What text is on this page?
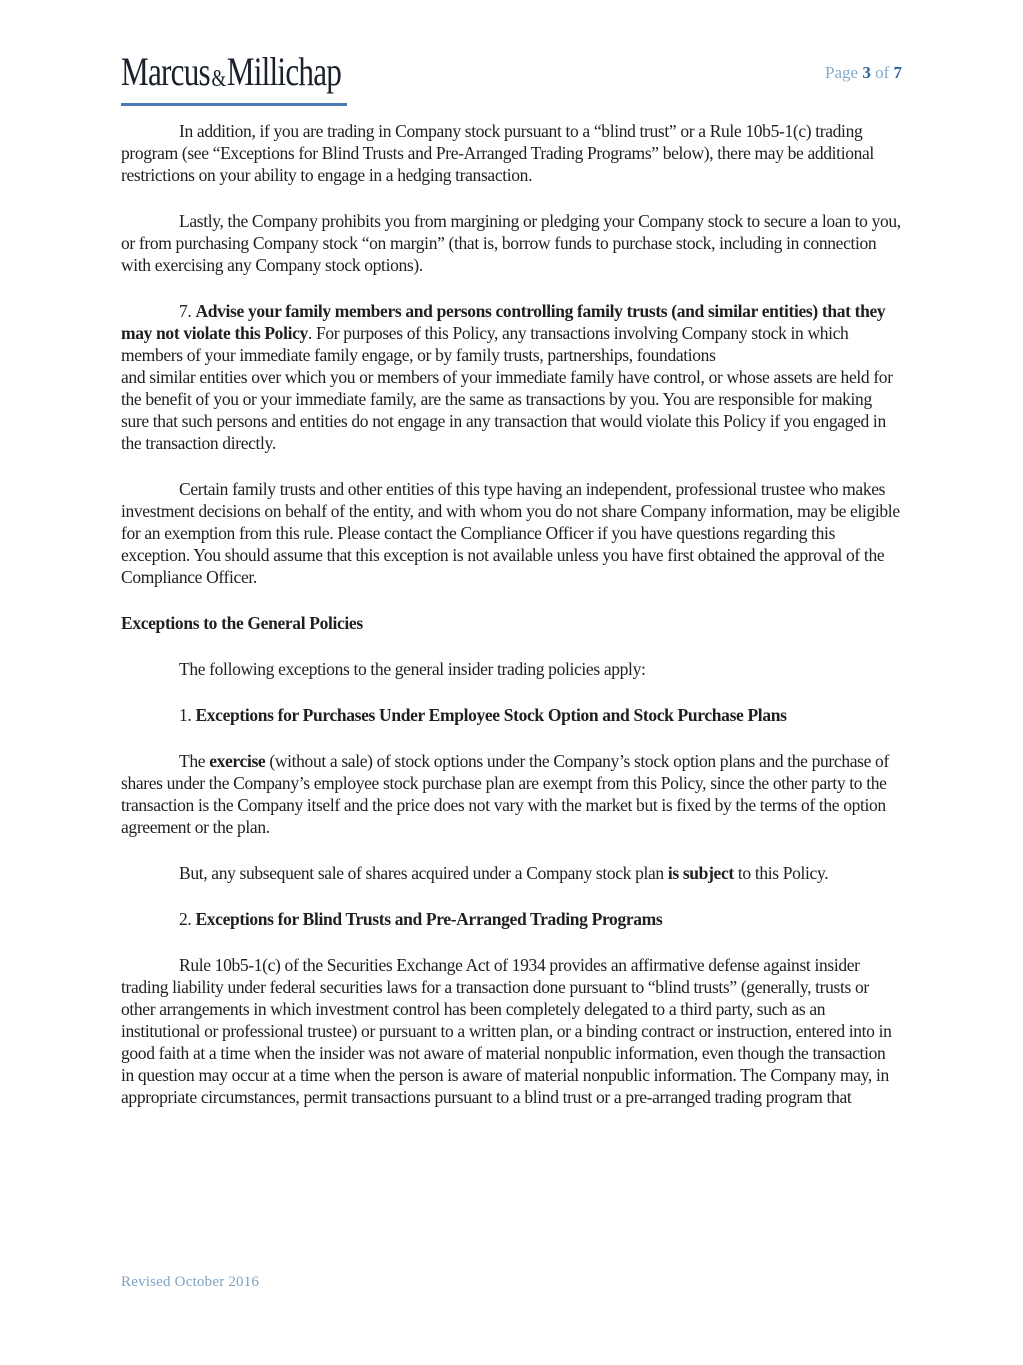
Marcus&Millichap	Page 3 of 7

In addition, if you are trading in Company stock pursuant to a “blind trust” or a Rule 10b5-1(c) trading program (see “Exceptions for Blind Trusts and Pre-Arranged Trading Programs” below), there may be additional restrictions on your ability to engage in a hedging transaction.

Lastly, the Company prohibits you from margining or pledging your Company stock to secure a loan to you, or from purchasing Company stock “on margin” (that is, borrow funds to purchase stock, including in connection with exercising any Company stock options).

7. Advise your family members and persons controlling family trusts (and similar entities) that they may not violate this Policy. For purposes of this Policy, any transactions involving Company stock in which members of your immediate family engage, or by family trusts, partnerships, foundations
and similar entities over which you or members of your immediate family have control, or whose assets are held for the benefit of you or your immediate family, are the same as transactions by you. You are responsible for making sure that such persons and entities do not engage in any transaction that would violate this Policy if you engaged in the transaction directly.

Certain family trusts and other entities of this type having an independent, professional trustee who makes investment decisions on behalf of the entity, and with whom you do not share Company information, may be eligible for an exemption from this rule. Please contact the Compliance Officer if you have questions regarding this exception. You should assume that this exception is not available unless you have first obtained the approval of the Compliance Officer.

Exceptions to the General Policies

The following exceptions to the general insider trading policies apply:

1. Exceptions for Purchases Under Employee Stock Option and Stock Purchase Plans

The exercise (without a sale) of stock options under the Company’s stock option plans and the purchase of shares under the Company’s employee stock purchase plan are exempt from this Policy, since the other party to the transaction is the Company itself and the price does not vary with the market but is fixed by the terms of the option agreement or the plan.

But, any subsequent sale of shares acquired under a Company stock plan is subject to this Policy.

2. Exceptions for Blind Trusts and Pre-Arranged Trading Programs

Rule 10b5-1(c) of the Securities Exchange Act of 1934 provides an affirmative defense against insider trading liability under federal securities laws for a transaction done pursuant to “blind trusts” (generally, trusts or other arrangements in which investment control has been completely delegated to a third party, such as an institutional or professional trustee) or pursuant to a written plan, or a binding contract or instruction, entered into in good faith at a time when the insider was not aware of material nonpublic information, even though the transaction in question may occur at a time when the person is aware of material nonpublic information. The Company may, in appropriate circumstances, permit transactions pursuant to a blind trust or a pre-arranged trading program that

Revised October 2016
